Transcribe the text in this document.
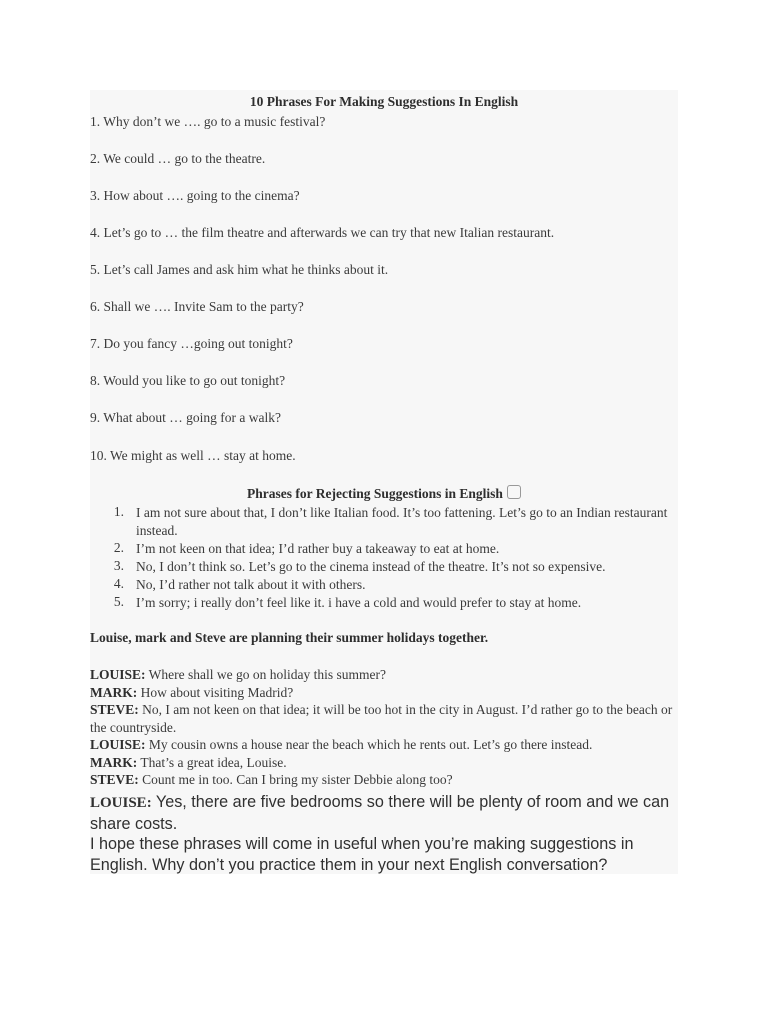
10 Phrases For Making Suggestions In English
1. Why don’t we …. go to a music festival?
2. We could … go to the theatre.
3. How about …. going to the cinema?
4. Let’s go to … the film theatre and afterwards we can try that new Italian restaurant.
5. Let’s call James and ask him what he thinks about it.
6. Shall we …. Invite Sam to the party?
7. Do you fancy …going out tonight?
8. Would you like to go out tonight?
9. What about … going for a walk?
10. We might as well … stay at home.
Phrases for Rejecting Suggestions in English
1. I am not sure about that, I don’t like Italian food. It’s too fattening. Let’s go to an Indian restaurant instead.
2. I’m not keen on that idea; I’d rather buy a takeaway to eat at home.
3. No, I don’t think so. Let’s go to the cinema instead of the theatre. It’s not so expensive.
4. No, I’d rather not talk about it with others.
5. I’m sorry; i really don’t feel like it. i have a cold and would prefer to stay at home.
Louise, mark and Steve are planning their summer holidays together.
LOUISE: Where shall we go on holiday this summer?
MARK: How about visiting Madrid?
STEVE: No, I am not keen on that idea; it will be too hot in the city in August. I’d rather go to the beach or the countryside.
LOUISE: My cousin owns a house near the beach which he rents out. Let’s go there instead.
MARK: That’s a great idea, Louise.
STEVE: Count me in too. Can I bring my sister Debbie along too?
LOUISE: Yes, there are five bedrooms so there will be plenty of room and we can share costs.
I hope these phrases will come in useful when you’re making suggestions in English. Why don’t you practice them in your next English conversation?
